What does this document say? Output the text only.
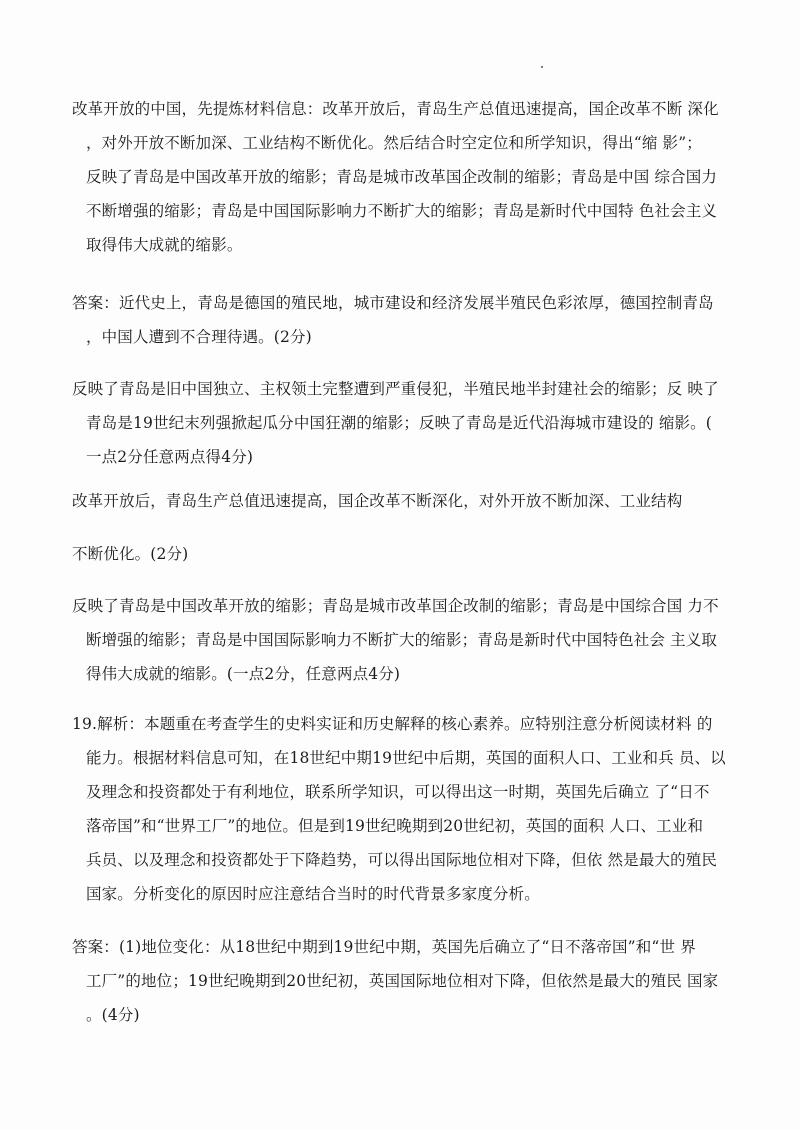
改革开放的中国，先提炼材料信息：改革开放后，青岛生产总值迅速提高，国企改革不断 深化
，对外开放不断加深、工业结构不断优化。然后结合时空定位和所学知识，得出“缩 影”；
反映了青岛是中国改革开放的缩影；青岛是城市改革国企改制的缩影；青岛是中国 综合国力
不断增强的缩影；青岛是中国国际影响力不断扩大的缩影；青岛是新时代中国特 色社会主义
取得伟大成就的缩影。
答案：近代史上，青岛是德国的殖民地，城市建设和经济发展半殖民色彩浓厚，德国控制青岛
，中国人遭到不合理待遇。(2分)
反映了青岛是旧中国独立、主权领土完整遭到严重侵犯，半殖民地半封建社会的缩影；反 映了
青岛是19世纪末列强掀起瓜分中国狂潮的缩影；反映了青岛是近代沿海城市建设的 缩影。(
一点2分任意两点得4分)
改革开放后，青岛生产总值迅速提高，国企改革不断深化，对外开放不断加深、工业结构
不断优化。(2分)
反映了青岛是中国改革开放的缩影；青岛是城市改革国企改制的缩影；青岛是中国综合国 力不
断增强的缩影；青岛是中国国际影响力不断扩大的缩影；青岛是新时代中国特色社会 主义取
得伟大成就的缩影。(一点2分，任意两点4分)
19.解析：本题重在考查学生的史料实证和历史解释的核心素养。应特别注意分析阅读材料 的
能力。根据材料信息可知，在18世纪中期19世纪中后期，英国的面积人口、工业和兵 员、以
及理念和投资都处于有利地位，联系所学知识，可以得出这一时期，英国先后确立 了“日不
落帝国”和“世界工厂”的地位。但是到19世纪晚期到20世纪初，英国的面积 人口、工业和
兵员、以及理念和投资都处于下降趋势，可以得出国际地位相对下降，但依 然是最大的殖民
国家。分析变化的原因时应注意结合当时的时代背景多家度分析。
答案：(1)地位变化：从18世纪中期到19世纪中期，英国先后确立了“日不落帝国”和“世 界
工厂”的地位；19世纪晚期到20世纪初，英国国际地位相对下降，但依然是最大的殖民 国家
。(4分)
